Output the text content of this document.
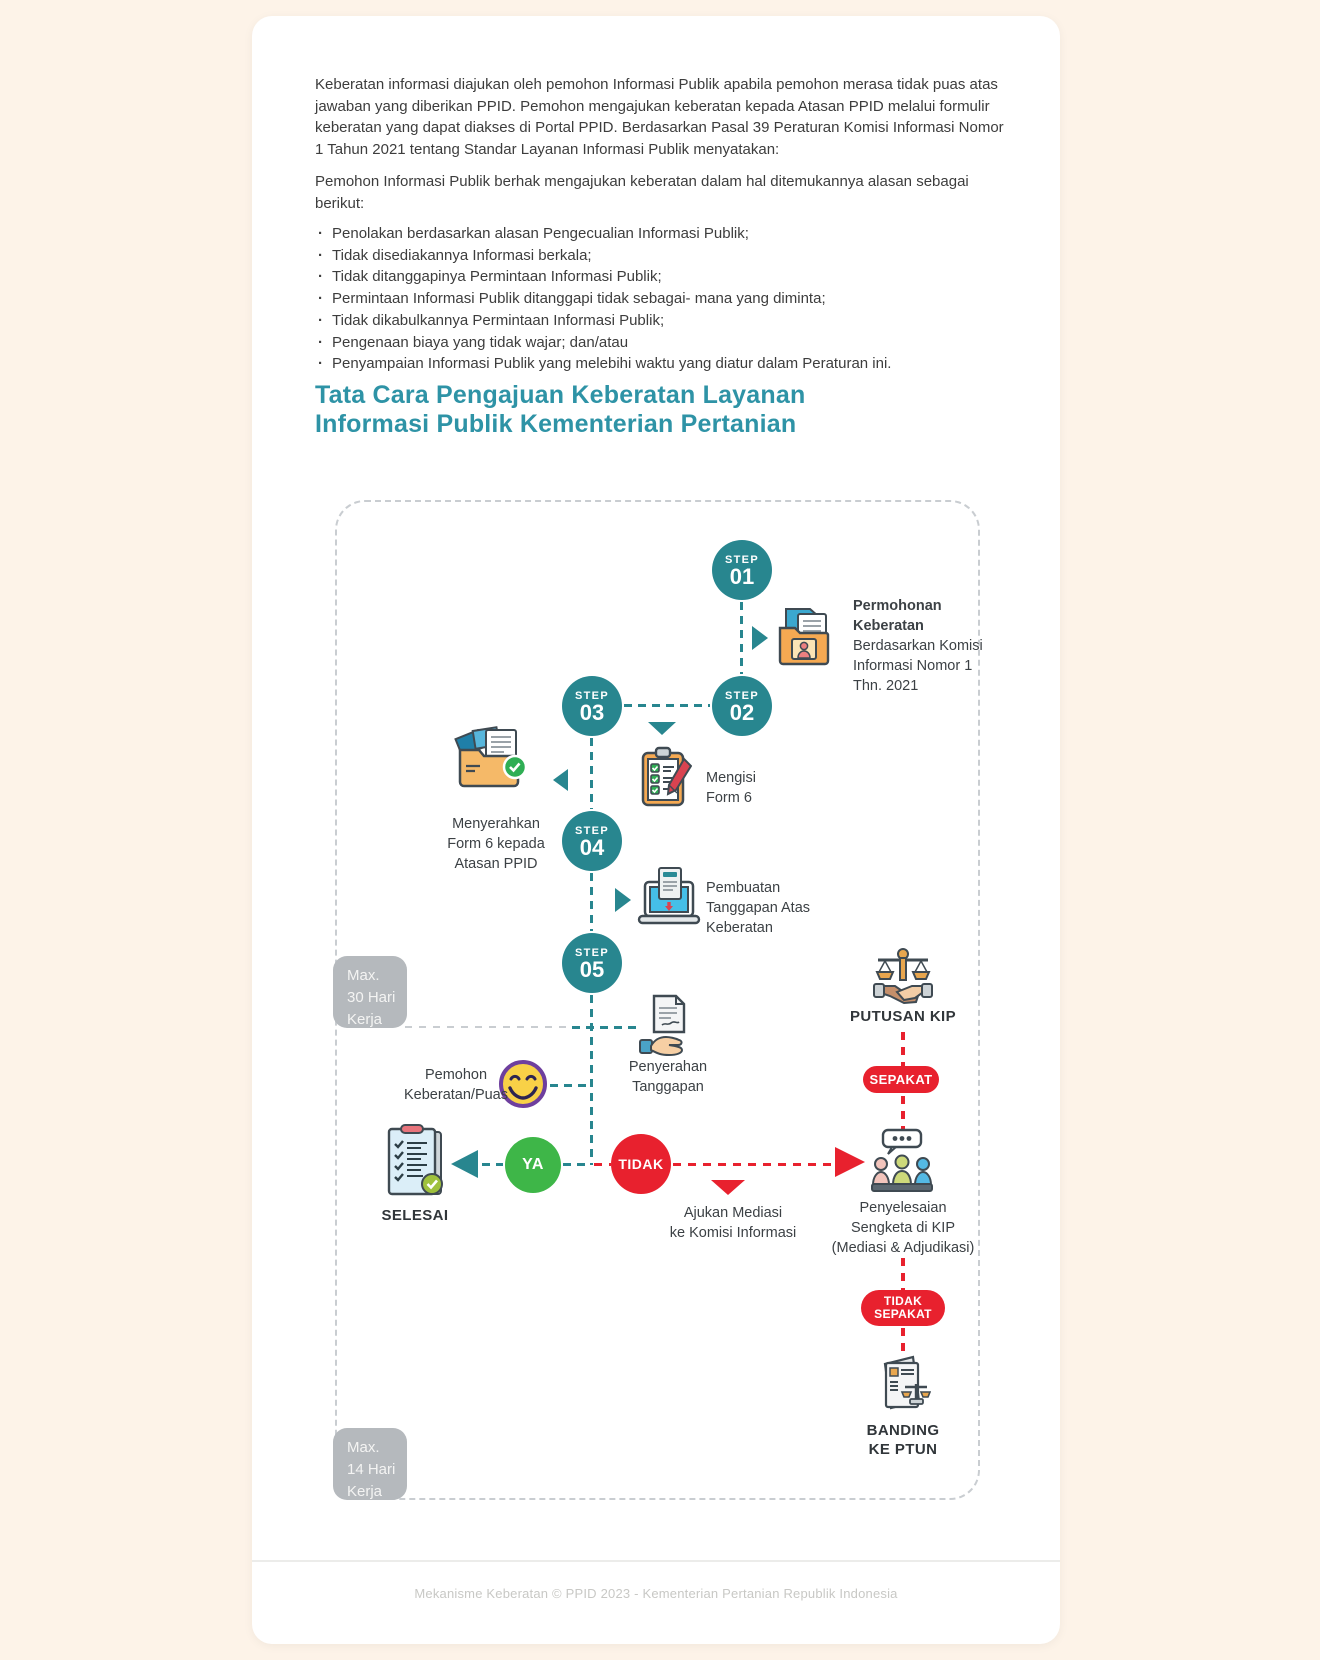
Keberatan informasi diajukan oleh pemohon Informasi Publik apabila pemohon merasa tidak puas atas jawaban yang diberikan PPID. Pemohon mengajukan keberatan kepada Atasan PPID melalui formulir keberatan yang dapat diakses di Portal PPID. Berdasarkan Pasal 39 Peraturan Komisi Informasi Nomor 1 Tahun 2021 tentang Standar Layanan Informasi Publik menyatakan:
Pemohon Informasi Publik berhak mengajukan keberatan dalam hal ditemukannya alasan sebagai berikut:
· Penolakan berdasarkan alasan Pengecualian Informasi Publik;
· Tidak disediakannya Informasi berkala;
· Tidak ditanggapinya Permintaan Informasi Publik;
· Permintaan Informasi Publik ditanggapi tidak sebagai- mana yang diminta;
· Tidak dikabulkannya Permintaan Informasi Publik;
· Pengenaan biaya yang tidak wajar; dan/atau
· Penyampaian Informasi Publik yang melebihi waktu yang diatur dalam Peraturan ini.
Tata Cara Pengajuan Keberatan Layanan
Informasi Publik Kementerian Pertanian
Max.
30 Hari
Kerja
Max.
14 Hari
Kerja
STEP
01
STEP
02
STEP
03
STEP
04
STEP
05
Permohonan
Keberatan
Berdasarkan Komisi
Informasi Nomor 1
Thn. 2021
Mengisi
Form 6
Menyerahkan
Form 6 kepada
Atasan PPID
Pembuatan
Tanggapan Atas
Keberatan
Penyerahan
Tanggapan
Pemohon
Keberatan/Puas
SELESAI	Ajukan Mediasi
ke Komisi Informasi
PUTUSAN KIP
Penyelesaian
Sengketa di KIP
(Mediasi & Adjudikasi)
BANDING
KE PTUN
YA	TIDAK
SEPAKAT
TIDAK
SEPAKAT
Mekanisme Keberatan © PPID 2023 - Kementerian Pertanian Republik Indonesia
